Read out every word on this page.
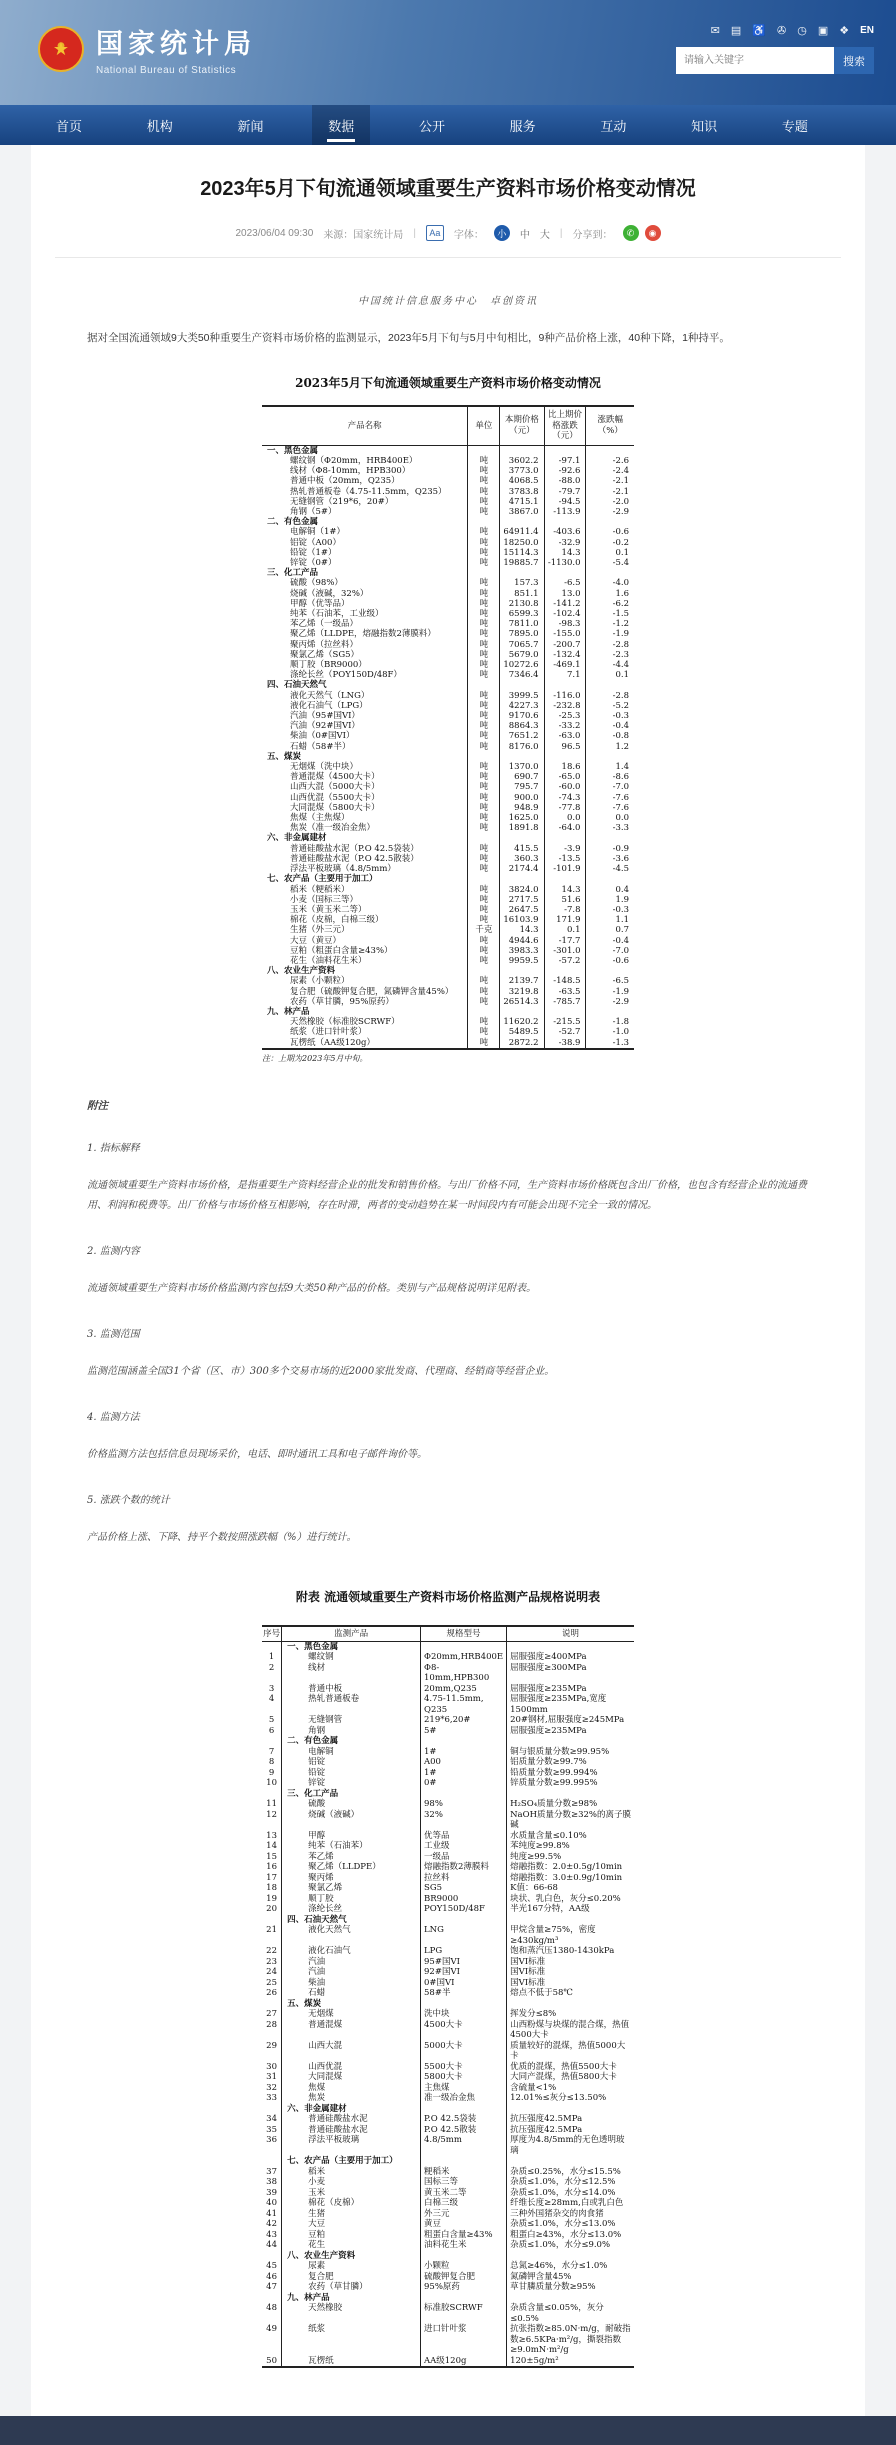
★ 国家统计局
National Bureau of Statistics
✉ ▤ ♿ ✇ ◷ ▣ ❖ EN
请输入关键字
搜索
首页	机构	新闻	数据	公开	服务	互动	知识	专题
2023年5月下旬流通领域重要生产资料市场价格变动情况
2023/06/04 09:30 来源：国家统计局 |	Aa	字体：	小	中 大 | 分享到：	✆	◉
中国统计信息服务中心　卓创资讯

据对全国流通领域9大类50种重要生产资料市场价格的监测显示，2023年5月下旬与5月中旬相比，9种产品价格上涨，40种下降，1种持平。

2023年5月下旬流通领域重要生产资料市场价格变动情况
产品名称	单位	本期价格（元）	比上期价格涨跌（元）	涨跌幅（%）
一、黑色金属				
螺纹钢（Φ20mm，HRB400E）	吨	3602.2	-97.1	-2.6
线材（Φ8-10mm，HPB300）	吨	3773.0	-92.6	-2.4
普通中板（20mm，Q235）	吨	4068.5	-88.0	-2.1
热轧普通板卷（4.75-11.5mm，Q235）	吨	3783.8	-79.7	-2.1
无缝钢管（219*6，20#）	吨	4715.1	-94.5	-2.0
角钢（5#）	吨	3867.0	-113.9	-2.9
二、有色金属				
电解铜（1#）	吨	64911.4	-403.6	-0.6
铝锭（A00）	吨	18250.0	-32.9	-0.2
铅锭（1#）	吨	15114.3	14.3	0.1
锌锭（0#）	吨	19885.7	-1130.0	-5.4
三、化工产品				
硫酸（98%）	吨	157.3	-6.5	-4.0
烧碱（液碱，32%）	吨	851.1	13.0	1.6
甲醇（优等品）	吨	2130.8	-141.2	-6.2
纯苯（石油苯，工业级）	吨	6599.3	-102.4	-1.5
苯乙烯（一级品）	吨	7811.0	-98.3	-1.2
聚乙烯（LLDPE，熔融指数2薄膜料）	吨	7895.0	-155.0	-1.9
聚丙烯（拉丝料）	吨	7065.7	-200.7	-2.8
聚氯乙烯（SG5）	吨	5679.0	-132.4	-2.3
顺丁胶（BR9000）	吨	10272.6	-469.1	-4.4
涤纶长丝（POY150D/48F）	吨	7346.4	7.1	0.1
四、石油天然气				
液化天然气（LNG）	吨	3999.5	-116.0	-2.8
液化石油气（LPG）	吨	4227.3	-232.8	-5.2
汽油（95#国VI）	吨	9170.6	-25.3	-0.3
汽油（92#国VI）	吨	8864.3	-33.2	-0.4
柴油（0#国VI）	吨	7651.2	-63.0	-0.8
石蜡（58#半）	吨	8176.0	96.5	1.2
五、煤炭				
无烟煤（洗中块）	吨	1370.0	18.6	1.4
普通混煤（4500大卡）	吨	690.7	-65.0	-8.6
山西大混（5000大卡）	吨	795.7	-60.0	-7.0
山西优混（5500大卡）	吨	900.0	-74.3	-7.6
大同混煤（5800大卡）	吨	948.9	-77.8	-7.6
焦煤（主焦煤）	吨	1625.0	0.0	0.0
焦炭（准一级冶金焦）	吨	1891.8	-64.0	-3.3
六、非金属建材				
普通硅酸盐水泥（P.O 42.5袋装）	吨	415.5	-3.9	-0.9
普通硅酸盐水泥（P.O 42.5散装）	吨	360.3	-13.5	-3.6
浮法平板玻璃（4.8/5mm）	吨	2174.4	-101.9	-4.5
七、农产品（主要用于加工）				
稻米（粳稻米）	吨	3824.0	14.3	0.4
小麦（国标三等）	吨	2717.5	51.6	1.9
玉米（黄玉米二等）	吨	2647.5	-7.8	-0.3
棉花（皮棉，白棉三级）	吨	16103.9	171.9	1.1
生猪（外三元）	千克	14.3	0.1	0.7
大豆（黄豆）	吨	4944.6	-17.7	-0.4
豆粕（粗蛋白含量≥43%）	吨	3983.3	-301.0	-7.0
花生（油料花生米）	吨	9959.5	-57.2	-0.6
八、农业生产资料				
尿素（小颗粒）	吨	2139.7	-148.5	-6.5
复合肥（硫酸钾复合肥，氮磷钾含量45%）	吨	3219.8	-63.5	-1.9
农药（草甘膦，95%原药）	吨	26514.3	-785.7	-2.9
九、林产品				
天然橡胶（标准胶SCRWF）	吨	11620.2	-215.5	-1.8
纸浆（进口针叶浆）	吨	5489.5	-52.7	-1.0
瓦楞纸（AA级120g）	吨	2872.2	-38.9	-1.3
注：上期为2023年5月中旬。
附注

1. 指标解释

流通领域重要生产资料市场价格，是指重要生产资料经营企业的批发和销售价格。与出厂价格不同，生产资料市场价格既包含出厂价格，也包含有经营企业的流通费用、利润和税费等。出厂价格与市场价格互相影响，存在时滞，两者的变动趋势在某一时间段内有可能会出现不完全一致的情况。

2. 监测内容

流通领域重要生产资料市场价格监测内容包括9大类50种产品的价格。类别与产品规格说明详见附表。

3. 监测范围

监测范围涵盖全国31个省（区、市）300多个交易市场的近2000家批发商、代理商、经销商等经营企业。

4. 监测方法

价格监测方法包括信息员现场采价，电话、即时通讯工具和电子邮件询价等。

5. 涨跌个数的统计

产品价格上涨、下降、持平个数按照涨跌幅（%）进行统计。

附表 流通领域重要生产资料市场价格监测产品规格说明表
序号	监测产品	规格型号	说明
	一、黑色金属		
1	螺纹钢	Φ20mm,HRB400E	屈服强度≥400MPa
2	线材	Φ8-10mm,HPB300	屈服强度≥300MPa
3	普通中板	20mm,Q235	屈服强度≥235MPa
4	热轧普通板卷	4.75-11.5mm, Q235	屈服强度≥235MPa,宽度1500mm
5	无缝钢管	219*6,20#	20#钢材,屈服强度≥245MPa
6	角钢	5#	屈服强度≥235MPa
	二、有色金属		
7	电解铜	1#	铜与银质量分数≥99.95%
8	铝锭	A00	铝质量分数≥99.7%
9	铅锭	1#	铅质量分数≥99.994%
10	锌锭	0#	锌质量分数≥99.995%
	三、化工产品		
11	硫酸	98%	H₂SO₄质量分数≥98%
12	烧碱（液碱）	32%	NaOH质量分数≥32%的离子膜碱
13	甲醇	优等品	水质量含量≤0.10%
14	纯苯（石油苯）	工业级	苯纯度≥99.8%
15	苯乙烯	一级品	纯度≥99.5%
16	聚乙烯（LLDPE）	熔融指数2薄膜料	熔融指数：2.0±0.5g/10min
17	聚丙烯	拉丝料	熔融指数：3.0±0.9g/10min
18	聚氯乙烯	SG5	K值：66-68
19	顺丁胶	BR9000	块状、乳白色，灰分≤0.20%
20	涤纶长丝	POY150D/48F	半光167分特，AA级
	四、石油天然气		
21	液化天然气	LNG	甲烷含量≥75%，密度≥430kg/m³
22	液化石油气	LPG	饱和蒸汽压1380-1430kPa
23	汽油	95#国VI	国VI标准
24	汽油	92#国VI	国VI标准
25	柴油	0#国VI	国VI标准
26	石蜡	58#半	熔点不低于58℃
	五、煤炭		
27	无烟煤	洗中块	挥发分≤8%
28	普通混煤	4500大卡	山西粉煤与块煤的混合煤，热值4500大卡
29	山西大混	5000大卡	质量较好的混煤，热值5000大卡
30	山西优混	5500大卡	优质的混煤，热值5500大卡
31	大同混煤	5800大卡	大同产混煤，热值5800大卡
32	焦煤	主焦煤	含硫量<1%
33	焦炭	准一级冶金焦	12.01%≤灰分≤13.50%
	六、非金属建材		
34	普通硅酸盐水泥	P.O 42.5袋装	抗压强度42.5MPa
35	普通硅酸盐水泥	P.O 42.5散装	抗压强度42.5MPa
36	浮法平板玻璃	4.8/5mm	厚度为4.8/5mm的无色透明玻璃
	七、农产品（主要用于加工）		
37	稻米	粳稻米	杂质≤0.25%，水分≤15.5%
38	小麦	国标三等	杂质≤1.0%，水分≤12.5%
39	玉米	黄玉米二等	杂质≤1.0%，水分≤14.0%
40	棉花（皮棉）	白棉三级	纤维长度≥28mm,白或乳白色
41	生猪	外三元	三种外国猪杂交的肉食猪
42	大豆	黄豆	杂质≤1.0%，水分≤13.0%
43	豆粕	粗蛋白含量≥43%	粗蛋白≥43%，水分≤13.0%
44	花生	油料花生米	杂质≤1.0%，水分≤9.0%
	八、农业生产资料		
45	尿素	小颗粒	总氮≥46%，水分≤1.0%
46	复合肥	硫酸钾复合肥	氮磷钾含量45%
47	农药（草甘膦）	95%原药	草甘膦质量分数≥95%
	九、林产品		
48	天然橡胶	标准胶SCRWF	杂质含量≤0.05%，灰分≤0.5%
49	纸浆	进口针叶浆	抗张指数≥85.0N·m/g，耐破指数≥6.5KPa·m²/g，撕裂指数≥9.0mN·m²/g
50	瓦楞纸	AA级120g	120±5g/m²
